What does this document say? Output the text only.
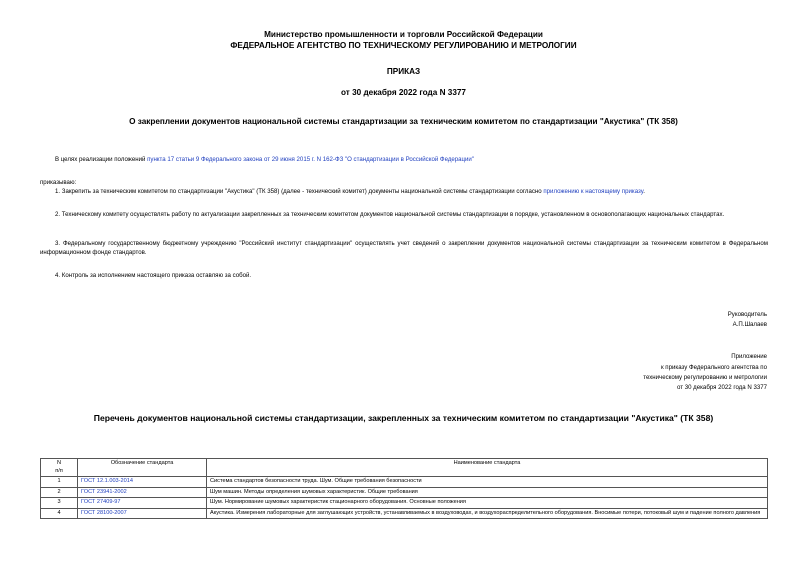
Министерство промышленности и торговли Российской Федерации
ФЕДЕРАЛЬНОЕ АГЕНТСТВО ПО ТЕХНИЧЕСКОМУ РЕГУЛИРОВАНИЮ И МЕТРОЛОГИИ
ПРИКАЗ
от 30 декабря 2022 года N 3377
О закреплении документов национальной системы стандартизации за техническим комитетом по стандартизации "Акустика" (ТК 358)
В целях реализации положений пункта 17 статьи 9 Федерального закона от 29 июня 2015 г. N 162-ФЗ "О стандартизации в Российской Федерации"
приказываю:
1. Закрепить за техническим комитетом по стандартизации "Акустика" (ТК 358) (далее - технический комитет) документы национальной системы стандартизации согласно приложению к настоящему приказу.
2. Техническому комитету осуществлять работу по актуализации закрепленных за техническим комитетом документов национальной системы стандартизации в порядке, установленном в основополагающих национальных стандартах.
3. Федеральному государственному бюджетному учреждению "Российский институт стандартизации" осуществлять учет сведений о закреплении документов национальной системы стандартизации за техническим комитетом в Федеральном информационном фонде стандартов.
4. Контроль за исполнением настоящего приказа оставляю за собой.
Руководитель
А.П.Шалаев
Приложение
к приказу Федерального агентства по
техническому регулированию и метрологии
от 30 декабря 2022 года N 3377
Перечень документов национальной системы стандартизации, закрепленных за техническим комитетом по стандартизации "Акустика" (ТК 358)
N
п/п	Обозначение стандарта	Наименование стандарта
1	ГОСТ 12.1.003-2014	Система стандартов безопасности труда. Шум. Общие требования безопасности
2	ГОСТ 23941-2002	Шум машин. Методы определения шумовых характеристик. Общие требования
3	ГОСТ 27409-97	Шум. Нормирование шумовых характеристик стационарного оборудования. Основные положения
4	ГОСТ 28100-2007	Акустика. Измерения лабораторные для заглушающих устройств, устанавливаемых в воздуховодах, и воздухораспределительного оборудования. Вносимые потери, потоковый шум и падение полного давления
